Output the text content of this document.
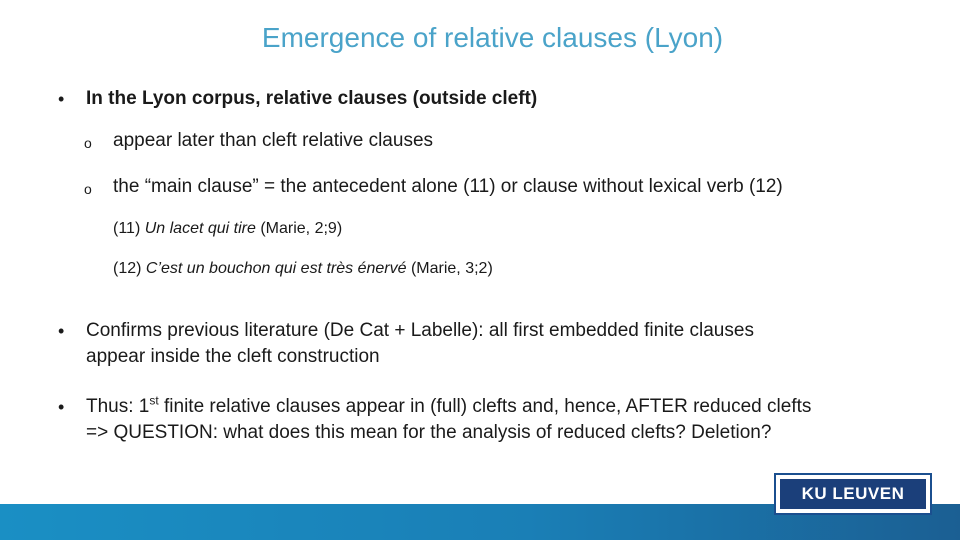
Emergence of relative clauses (Lyon)
• In the Lyon corpus, relative clauses (outside cleft)
o appear later than cleft relative clauses
o the “main clause” = the antecedent alone (11) or clause without lexical verb (12)
(11) Un lacet qui tire (Marie, 2;9)
(12) C’est un bouchon qui est très énervé (Marie, 3;2)
• Confirms previous literature (De Cat + Labelle): all first embedded finite clauses
appear inside the cleft construction
• Thus: 1st finite relative clauses appear in (full) clefts and, hence, AFTER reduced clefts
=> QUESTION: what does this mean for the analysis of reduced clefts? Deletion?
KU LEUVEN
